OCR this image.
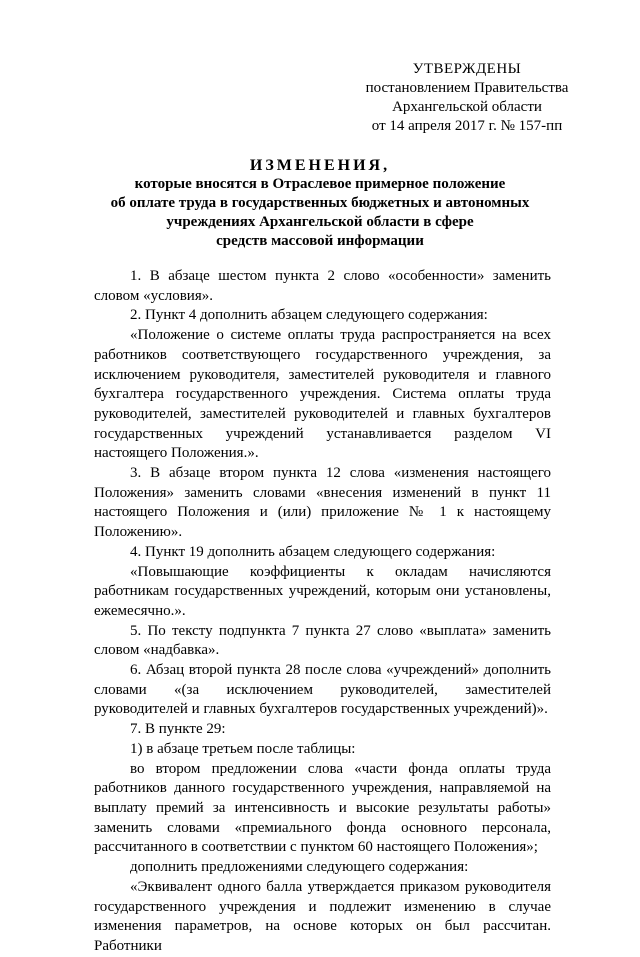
УТВЕРЖДЕНЫ
постановлением Правительства
Архангельской области
от 14 апреля 2017 г. № 157-пп
ИЗМЕНЕНИЯ,
которые вносятся в Отраслевое примерное положение
об оплате труда в государственных бюджетных и автономных
учреждениях Архангельской области в сфере
средств массовой информации

1. В абзаце шестом пункта 2 слово «особенности» заменить словом «условия».

2. Пункт 4 дополнить абзацем следующего содержания:

«Положение о системе оплаты труда распространяется на всех работников соответствующего государственного учреждения, за исключением руководителя, заместителей руководителя и главного бухгалтера государственного учреждения. Система оплаты труда руководителей, заместителей руководителей и главных бухгалтеров государственных учреждений устанавливается разделом VI настоящего Положения.».

3. В абзаце втором пункта 12 слова «изменения настоящего Положения» заменить словами «внесения изменений в пункт 11 настоящего Положения и (или) приложение № 1 к настоящему Положению».

4. Пункт 19 дополнить абзацем следующего содержания:

«Повышающие коэффициенты к окладам начисляются работникам государственных учреждений, которым они установлены, ежемесячно.».

5. По тексту подпункта 7 пункта 27 слово «выплата» заменить словом «надбавка».

6. Абзац второй пункта 28 после слова «учреждений» дополнить словами «(за исключением руководителей, заместителей руководителей и главных бухгалтеров государственных учреждений)».

7. В пункте 29:

1) в абзаце третьем после таблицы:

во втором предложении слова «части фонда оплаты труда работников данного государственного учреждения, направляемой на выплату премий за интенсивность и высокие результаты работы» заменить словами «премиального фонда основного персонала, рассчитанного в соответствии с пунктом 60 настоящего Положения»;

дополнить предложениями следующего содержания:

«Эквивалент одного балла утверждается приказом руководителя государственного учреждения и подлежит изменению в случае изменения параметров, на основе которых он был рассчитан. Работники
